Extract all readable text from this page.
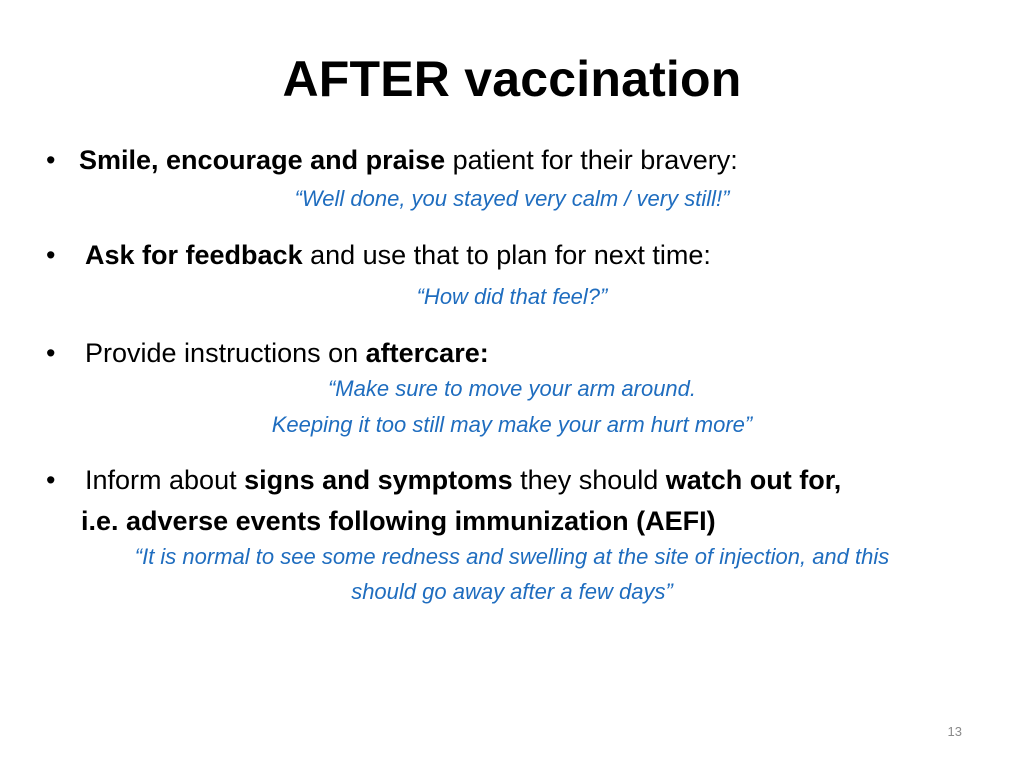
AFTER vaccination
• Smile, encourage and praise patient for their bravery:
“Well done, you stayed very calm / very still!”
• Ask for feedback and use that to plan for next time:
“How did that feel?”
• Provide instructions on aftercare:
“Make sure to move your arm around.
Keeping it too still may make your arm hurt more”
• Inform about signs and symptoms they should watch out for,
i.e. adverse events following immunization (AEFI)
“It is normal to see some redness and swelling at the site of injection, and this
should go away after a few days”
13
